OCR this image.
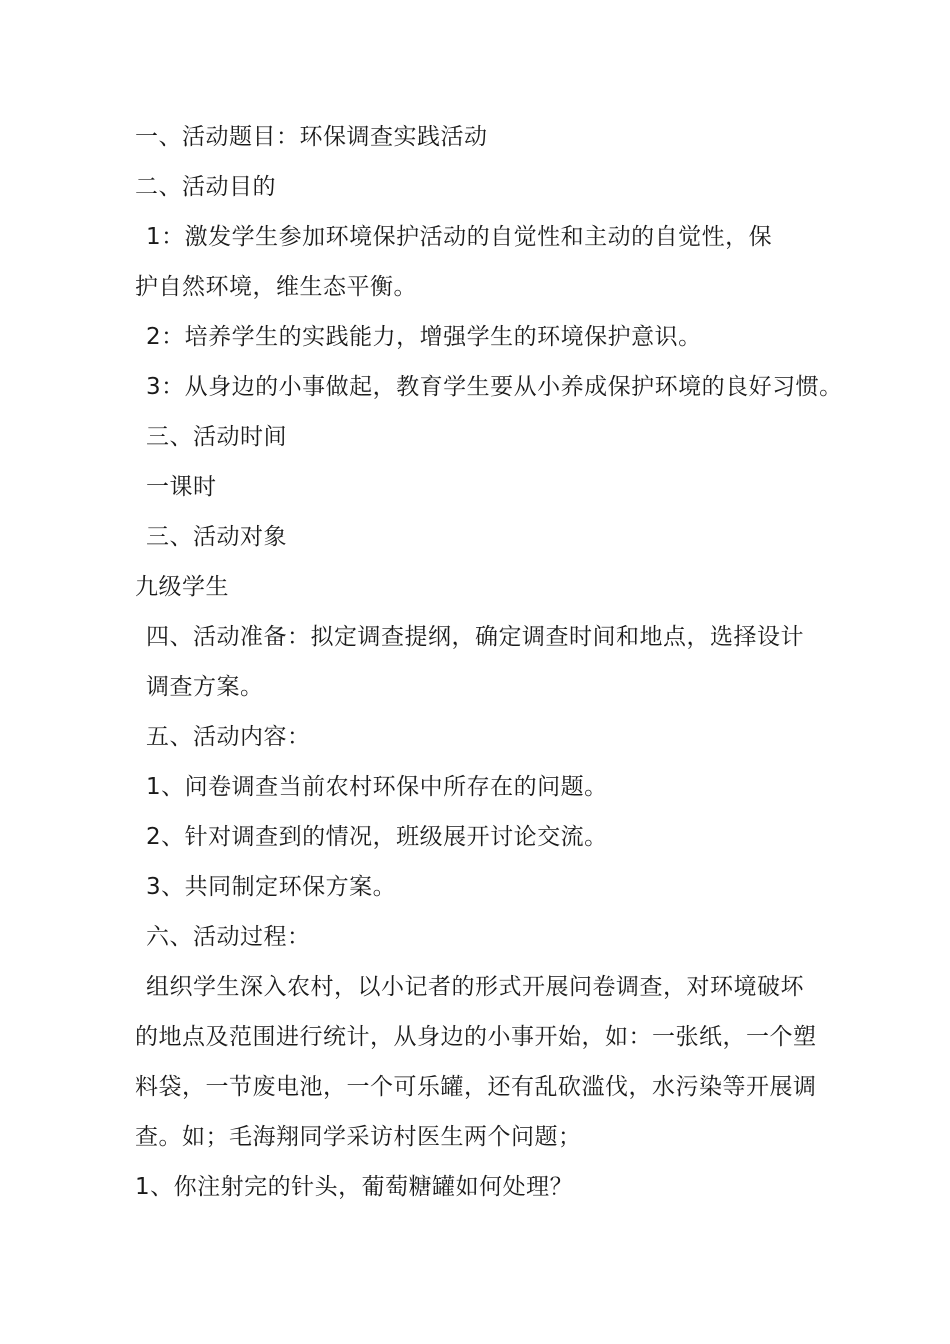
一、活动题目：环保调查实践活动
二、活动目的
1：激发学生参加环境保护活动的自觉性和主动的自觉性，保
护自然环境，维生态平衡。
2：培养学生的实践能力，增强学生的环境保护意识。
3：从身边的小事做起，教育学生要从小养成保护环境的良好习惯。
三、活动时间
一课时
三、活动对象
九级学生
四、活动准备：拟定调查提纲，确定调查时间和地点，选择设计
调查方案。
五、活动内容：
1、问卷调查当前农村环保中所存在的问题。
2、针对调查到的情况，班级展开讨论交流。
3、共同制定环保方案。
六、活动过程：
组织学生深入农村，以小记者的形式开展问卷调查，对环境破坏
的地点及范围进行统计，从身边的小事开始，如：一张纸，一个塑
料袋，一节废电池，一个可乐罐，还有乱砍滥伐，水污染等开展调
查。如；毛海翔同学采访村医生两个问题；
1、你注射完的针头，葡萄糖罐如何处理？
